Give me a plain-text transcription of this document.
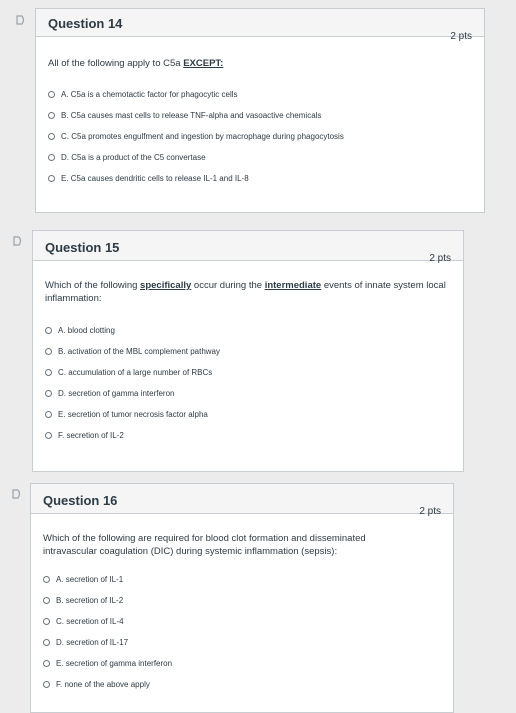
Question 14
2 pts
All of the following apply to C5a EXCEPT:
A. C5a is a chemotactic factor for phagocytic cells
B. C5a causes mast cells to release TNF-alpha and vasoactive chemicals
C. C5a promotes engulfment and ingestion by macrophage during phagocytosis
D. C5a is a product of the C5 convertase
E. C5a causes dendritic cells to release IL-1 and IL-8
Question 15
2 pts
Which of the following specifically occur during the intermediate events of innate system local inflammation:
A. blood clotting
B. activation of the MBL complement pathway
C. accumulation of a large number of RBCs
D. secretion of gamma interferon
E. secretion of tumor necrosis factor alpha
F. secretion of IL-2
Question 16
2 pts
Which of the following are required for blood clot formation and disseminated intravascular coagulation (DIC) during systemic inflammation (sepsis):
A. secretion of IL-1
B. secretion of IL-2
C. secretion of IL-4
D. secretion of IL-17
E. secretion of gamma interferon
F. none of the above apply
